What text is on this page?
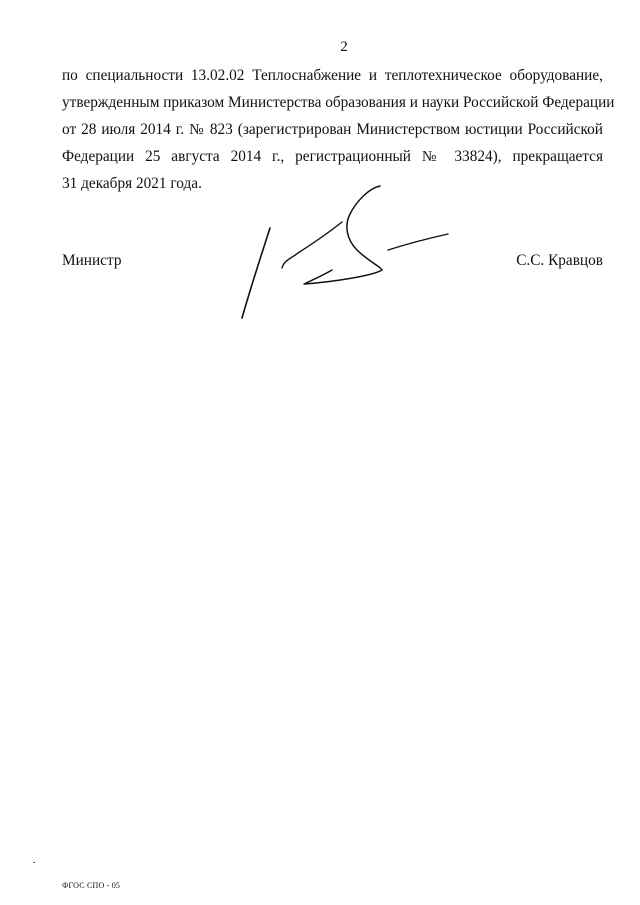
2
по специальности 13.02.02 Теплоснабжение и теплотехническое оборудование,
утвержденным приказом Министерства образования и науки Российской Федерации
от 28 июля 2014 г. № 823 (зарегистрирован Министерством юстиции Российской
Федерации 25 августа 2014 г., регистрационный № 33824), прекращается
31 декабря 2021 года.
Министр	С.С. Кравцов
ФГОС СПО - 05
